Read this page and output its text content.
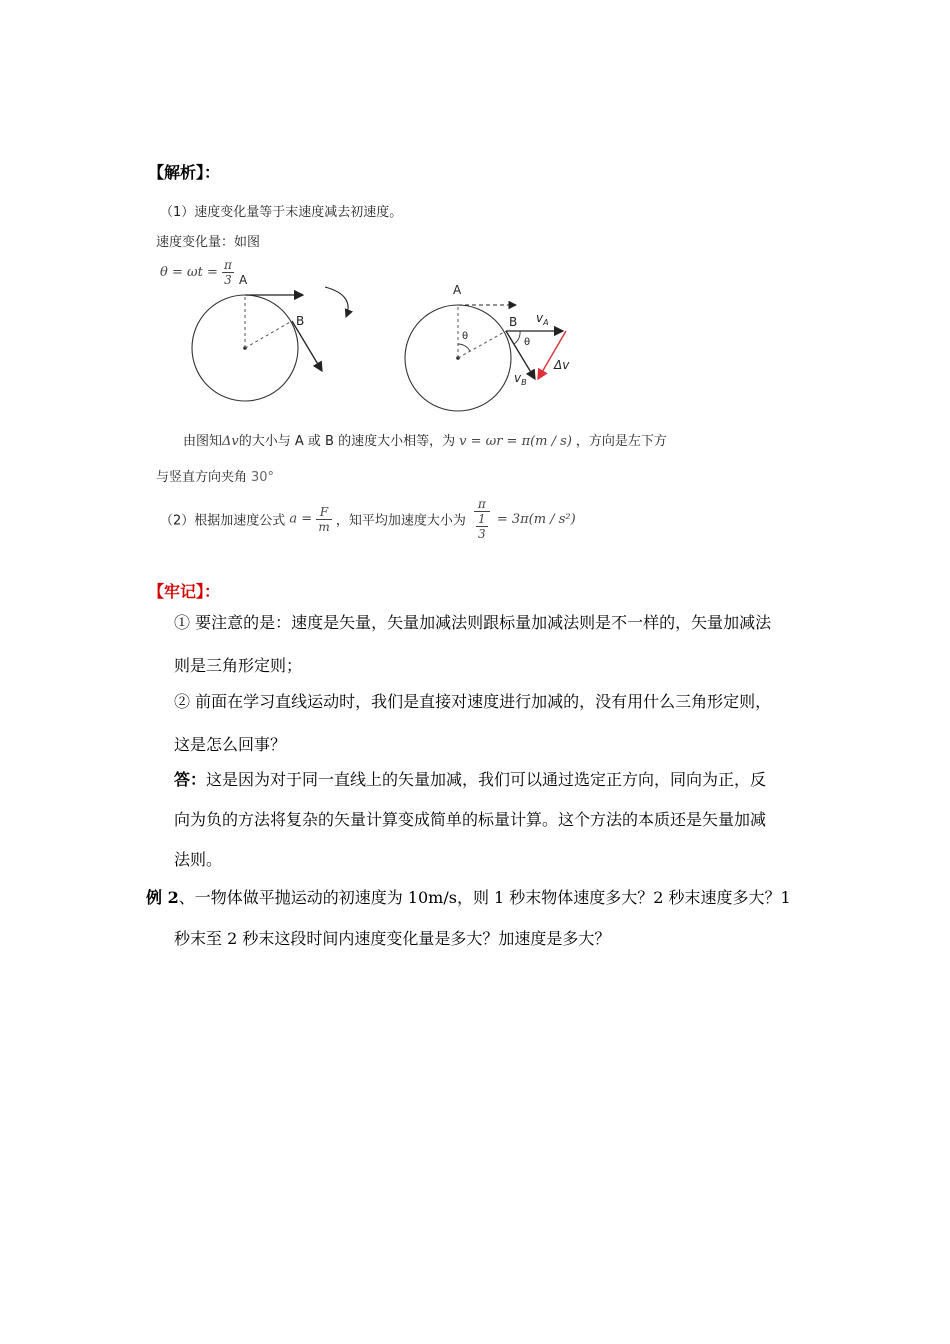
【解析】：
（1）速度变化量等于末速度减去初速度。
速度变化量：如图
$\theta = \omega t = \frac{\pi}{3}$ A
B
A
B
θ
θ
$v_A$
$v_B$
Δv
由图知Δv的大小与 A 或 B 的速度大小相等，为 v = ωr = π(m / s) ，方向是左下方
与竖直方向夹角 30°
（2）根据加速度公式 $a = \frac{F}{m}$ ，知平均加速度大小为 $\frac{\pi}{\frac{1}{3}} = 3\pi(m / s^2)$
【牢记】：
① 要注意的是：速度是矢量，矢量加减法则跟标量加减法则是不一样的，矢量加减法
则是三角形定则；
② 前面在学习直线运动时，我们是直接对速度进行加减的，没有用什么三角形定则，
这是怎么回事？
答：这是因为对于同一直线上的矢量加减，我们可以通过选定正方向，同向为正，反
向为负的方法将复杂的矢量计算变成简单的标量计算。这个方法的本质还是矢量加减
法则。
例 2、一物体做平抛运动的初速度为 10m/s，则 1 秒末物体速度多大？2 秒末速度多大？1
秒末至 2 秒末这段时间内速度变化量是多大？加速度是多大？
